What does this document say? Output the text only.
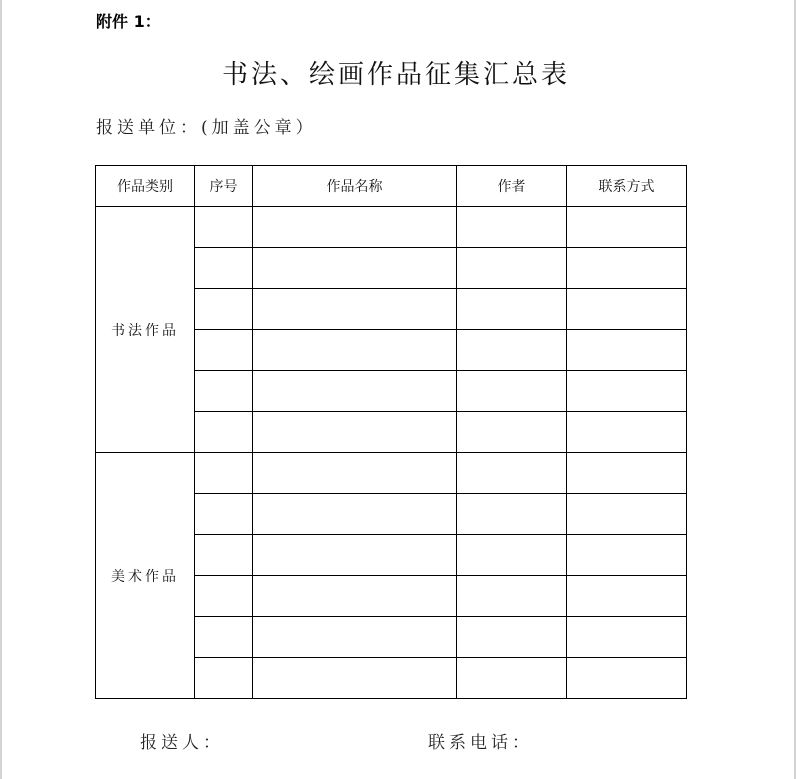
附件 1：
书法、绘画作品征集汇总表
报送单位：(加盖公章）
作品类别	序号	作品名称	作者	联系方式
书法作品				

美术作品				

报送人：	联系电话：
